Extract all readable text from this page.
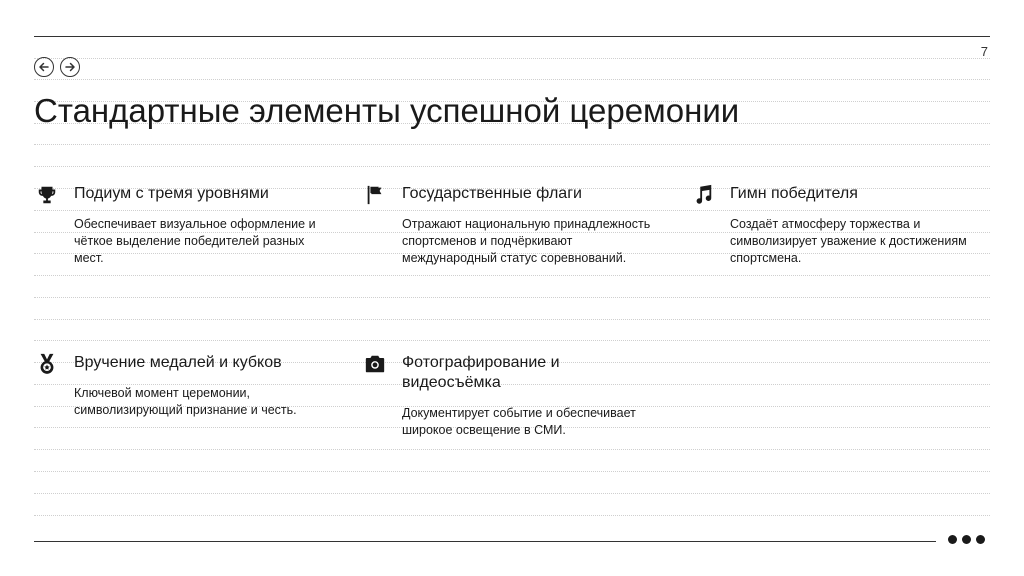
7
Стандартные элементы успешной церемонии
Подиум с тремя уровнями
Обеспечивает визуальное оформление и чёткое выделение победителей разных мест.
Государственные флаги
Отражают национальную принадлежность спортсменов и подчёркивают международный статус соревнований.
Гимн победителя
Создаёт атмосферу торжества и символизирует уважение к достижениям спортсмена.
Вручение медалей и кубков
Ключевой момент церемонии, символизирующий признание и честь.
Фотографирование и видеосъёмка
Документирует событие и обеспечивает широкое освещение в СМИ.
